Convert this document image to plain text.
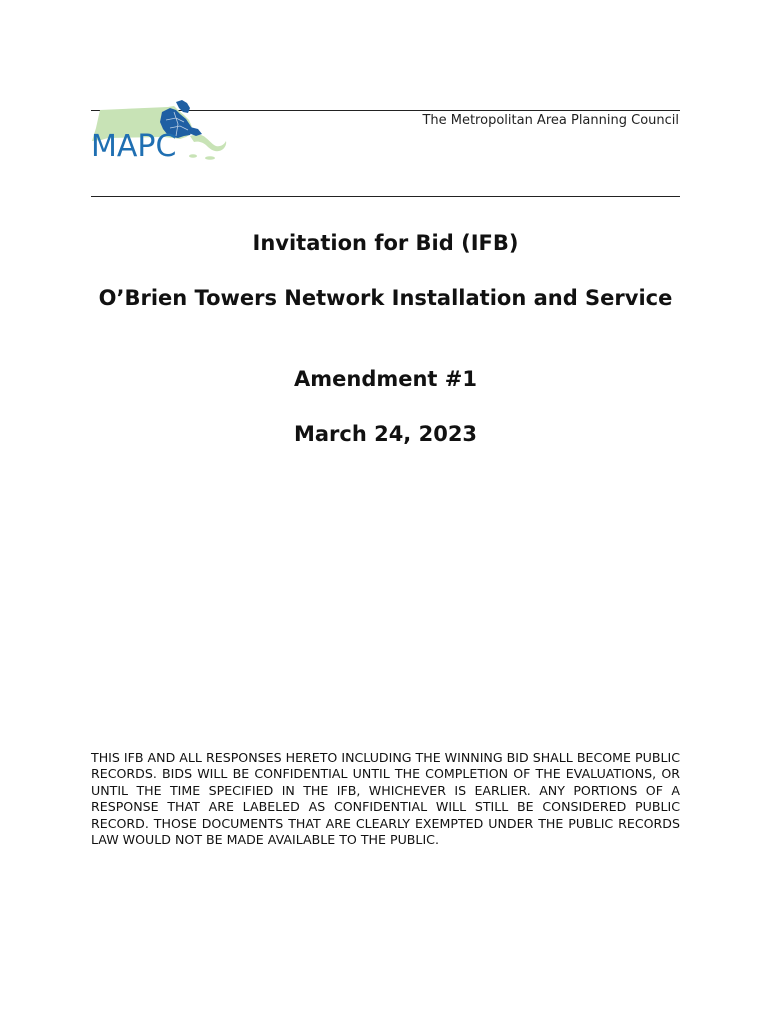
MAPC
The Metropolitan Area Planning Council
Invitation for Bid (IFB)
O’Brien Towers Network Installation and Service
Amendment #1
March 24, 2023
THIS IFB AND ALL RESPONSES HERETO INCLUDING THE WINNING BID SHALL BECOME PUBLIC RECORDS. BIDS WILL BE CONFIDENTIAL UNTIL THE COMPLETION OF THE EVALUATIONS, OR UNTIL THE TIME SPECIFIED IN THE IFB, WHICHEVER IS EARLIER. ANY PORTIONS OF A RESPONSE THAT ARE LABELED AS CONFIDENTIAL WILL STILL BE CONSIDERED PUBLIC RECORD. THOSE DOCUMENTS THAT ARE CLEARLY EXEMPTED UNDER THE PUBLIC RECORDS LAW WOULD NOT BE MADE AVAILABLE TO THE PUBLIC.
